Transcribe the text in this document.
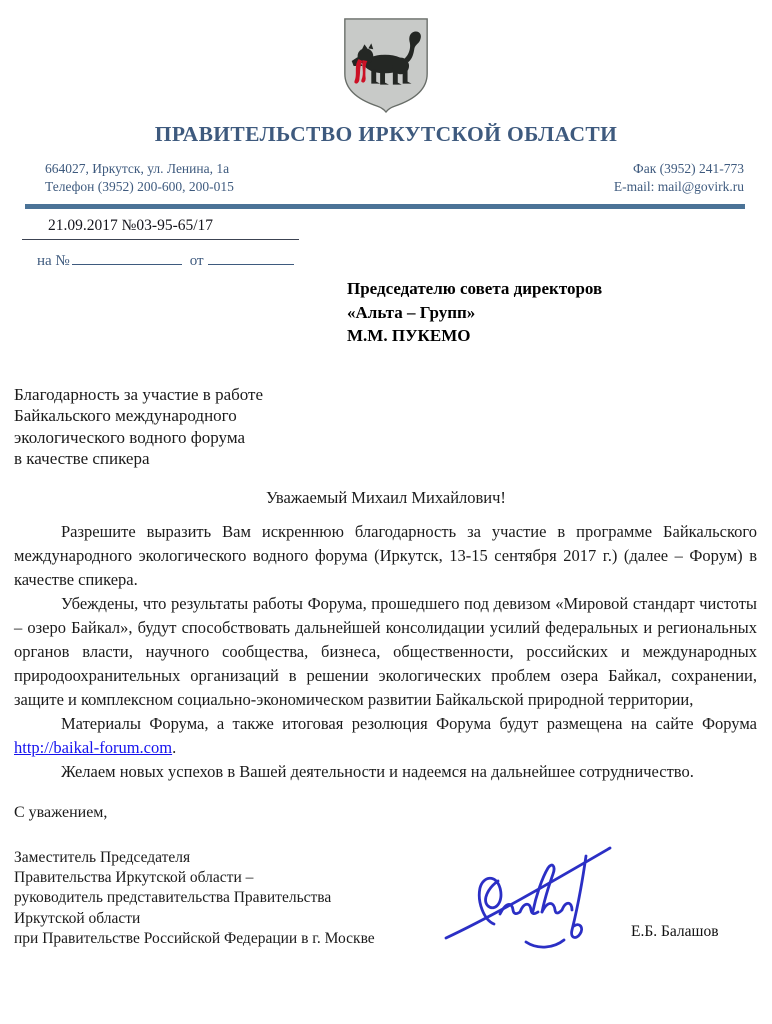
ПРАВИТЕЛЬСТВО ИРКУТСКОЙ ОБЛАСТИ
664027, Иркутск, ул. Ленина, 1а
Телефон (3952) 200-600, 200-015
Фак (3952) 241-773
E-mail: mail@govirk.ru
21.09.2017 №03-95-65/17
на №	от
Председателю совета директоров
«Альта – Групп»
М.М. ПУКЕМО
Благодарность за участие в работе
Байкальского международного
экологического водного форума
в качестве спикера
Уважаемый Михаил Михайлович!

Разрешите выразить Вам искреннюю благодарность за участие в программе Байкальского международного экологического водного форума (Иркутск, 13-15 сентября 2017 г.) (далее – Форум) в качестве спикера.

Убеждены, что результаты работы Форума, прошедшего под девизом «Мировой стандарт чистоты – озеро Байкал», будут способствовать дальнейшей консолидации усилий федеральных и региональных органов власти, научного сообщества, бизнеса, общественности, российских и международных природоохранительных организаций в решении экологических проблем озера Байкал, сохранении, защите и комплексном социально-экономическом развитии Байкальской природной территории,

Материалы Форума, а также итоговая резолюция Форума будут размещена на сайте Форума http://baikal-forum.com.

Желаем новых успехов в Вашей деятельности и надеемся на дальнейшее сотрудничество.

С уважением,
Заместитель Председателя
Правительства Иркутской области –
руководитель представительства Правительства
Иркутской области
при Правительстве Российской Федерации в г. Москве	Е.Б. Балашов
